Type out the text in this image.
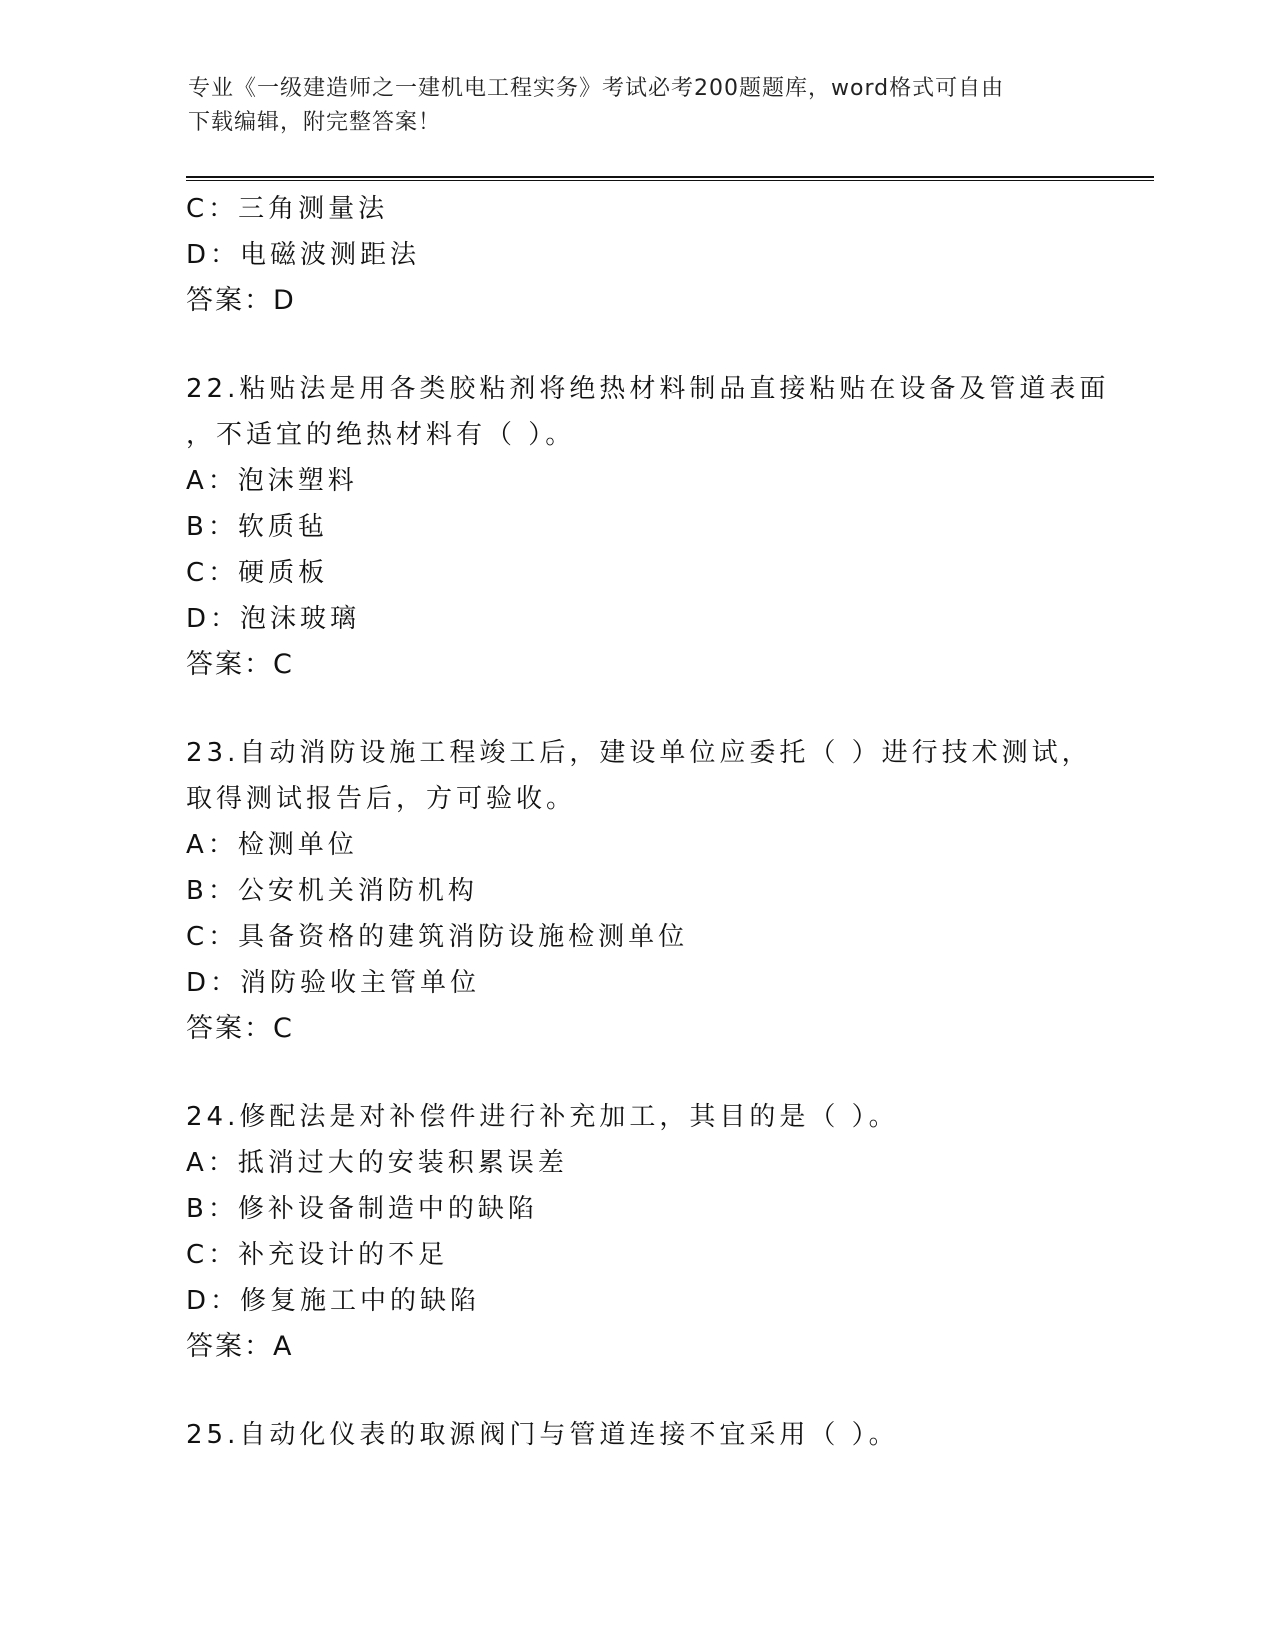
专业《一级建造师之一建机电工程实务》考试必考200题题库，word格式可自由
下载编辑，附完整答案！
C：三角测量法
D：电磁波测距法
答案：D
22.粘贴法是用各类胶粘剂将绝热材料制品直接粘贴在设备及管道表面
，不适宜的绝热材料有（ ）。
A：泡沫塑料
B：软质毡
C：硬质板
D：泡沫玻璃
答案：C
23.自动消防设施工程竣工后，建设单位应委托（ ）进行技术测试，
取得测试报告后，方可验收。
A：检测单位
B：公安机关消防机构
C：具备资格的建筑消防设施检测单位
D：消防验收主管单位
答案：C
24.修配法是对补偿件进行补充加工，其目的是（ ）。
A：抵消过大的安装积累误差
B：修补设备制造中的缺陷
C：补充设计的不足
D：修复施工中的缺陷
答案：A
25.自动化仪表的取源阀门与管道连接不宜采用（ ）。
